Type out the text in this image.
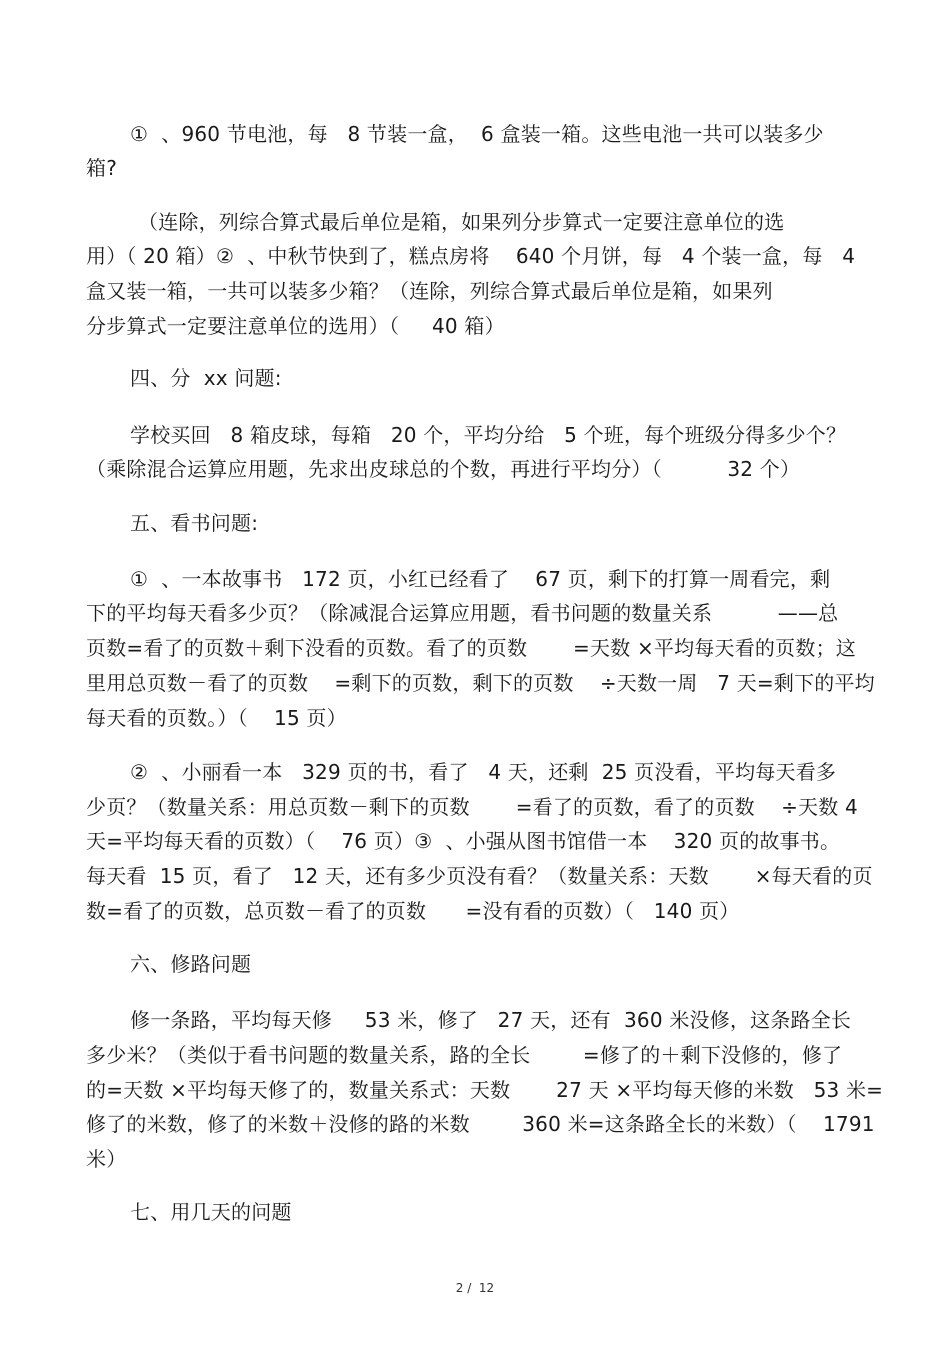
①  、960 节电池，每   8 节装一盒，  6 盒装一箱。这些电池一共可以装多少
箱?
（连除，列综合算式最后单位是箱，如果列分步算式一定要注意单位的选
用）（ 20 箱）②  、中秋节快到了，糕点房将    640 个月饼，每   4 个装一盒，每   4
盒又装一箱，一共可以装多少箱？（连除，列综合算式最后单位是箱，如果列
分步算式一定要注意单位的选用）（     40 箱）
四、分  xx 问题:
学校买回   8 箱皮球，每箱   20 个，平均分给   5 个班，每个班级分得多少个？
（乘除混合运算应用题，先求出皮球总的个数，再进行平均分）（          32 个）
五、看书问题:
①  、一本故事书   172 页，小红已经看了    67 页，剩下的打算一周看完，剩
下的平均每天看多少页？（除减混合运算应用题，看书问题的数量关系          ——总
页数=看了的页数＋剩下没看的页数。看了的页数       =天数 ×平均每天看的页数；这
里用总页数－看了的页数    =剩下的页数，剩下的页数    ÷天数一周   7 天=剩下的平均
每天看的页数。）（    15 页）
②  、小丽看一本   329 页的书，看了   4 天，还剩  25 页没看，平均每天看多
少页？（数量关系：用总页数－剩下的页数       =看了的页数，看了的页数    ÷天数 4
天=平均每天看的页数）（    76 页）③  、小强从图书馆借一本    320 页的故事书。
每天看  15 页，看了   12 天，还有多少页没有看？（数量关系：天数       ×每天看的页
数=看了的页数，总页数－看了的页数      =没有看的页数）（   140 页）
六、修路问题
修一条路，平均每天修     53 米，修了   27 天，还有  360 米没修，这条路全长
多少米？（类似于看书问题的数量关系，路的全长        =修了的＋剩下没修的，修了
的=天数 ×平均每天修了的，数量关系式：天数       27 天 ×平均每天修的米数   53 米=
修了的米数，修了的米数＋没修的路的米数        360 米=这条路全长的米数）（    1791
米）
七、用几天的问题
2 /  12
